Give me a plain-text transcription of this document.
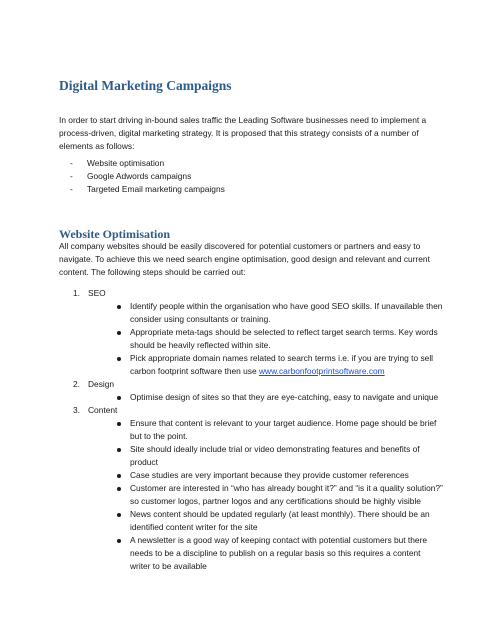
Digital Marketing Campaigns

In order to start driving in-bound sales traffic the Leading Software businesses need to implement a process-driven, digital marketing strategy. It is proposed that this strategy consists of a number of elements as follows:

- Website optimisation
- Google Adwords campaigns
- Targeted Email marketing campaigns
Website Optimisation

All company websites should be easily discovered for potential customers or partners and easy to navigate. To achieve this we need search engine optimisation, good design and relevant and current content. The following steps should be carried out:

1. SEO
Identify people within the organisation who have good SEO skills. If unavailable then consider using consultants or training.
Appropriate meta-tags should be selected to reflect target search terms. Key words should be heavily reflected within site.
Pick appropriate domain names related to search terms i.e. if you are trying to sell carbon footprint software then use www.carbonfootprintsoftware.com
2. Design
Optimise design of sites so that they are eye-catching, easy to navigate and unique
3. Content
Ensure that content is relevant to your target audience. Home page should be brief but to the point.
Site should ideally include trial or video demonstrating features and benefits of product
Case studies are very important because they provide customer references
Customer are interested in “who has already bought it?” and “is it a quality solution?” so customer logos, partner logos and any certifications should be highly visible
News content should be updated regularly (at least monthly). There should be an identified content writer for the site
A newsletter is a good way of keeping contact with potential customers but there needs to be a discipline to publish on a regular basis so this requires a content writer to be available
